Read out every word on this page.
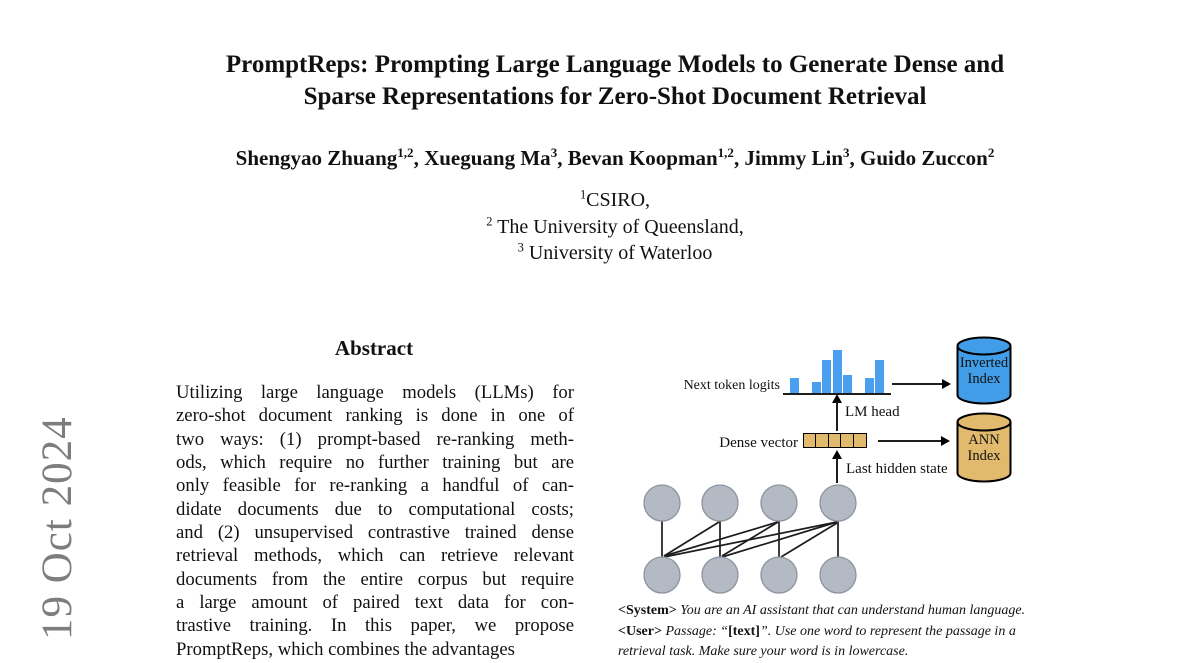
19 Oct 2024
PromptReps: Prompting Large Language Models to Generate Dense and
Sparse Representations for Zero-Shot Document Retrieval
Shengyao Zhuang$^{1,2}$, Xueguang Ma$^3$, Bevan Koopman$^{1,2}$, Jimmy Lin$^3$, Guido Zuccon$^2$
$^1$CSIRO,
$^2$ The University of Queensland,
$^3$ University of Waterloo
Abstract
Utilizing large language models (LLMs) for
zero-shot document ranking is done in one of
two ways: (1) prompt-based re-ranking meth-
ods, which require no further training but are
only feasible for re-ranking a handful of can-
didate documents due to computational costs;
and (2) unsupervised contrastive trained dense
retrieval methods, which can retrieve relevant
documents from the entire corpus but require
a large amount of paired text data for con-
trastive training. In this paper, we propose
PromptReps, which combines the advantages
Next token logits
LM head
Dense vector
Last hidden state
Inverted
Index
ANN
Index
<System> You are an AI assistant that can understand human language.
<User> Passage: “[text]”. Use one word to represent the passage in a
retrieval task. Make sure your word is in lowercase.
